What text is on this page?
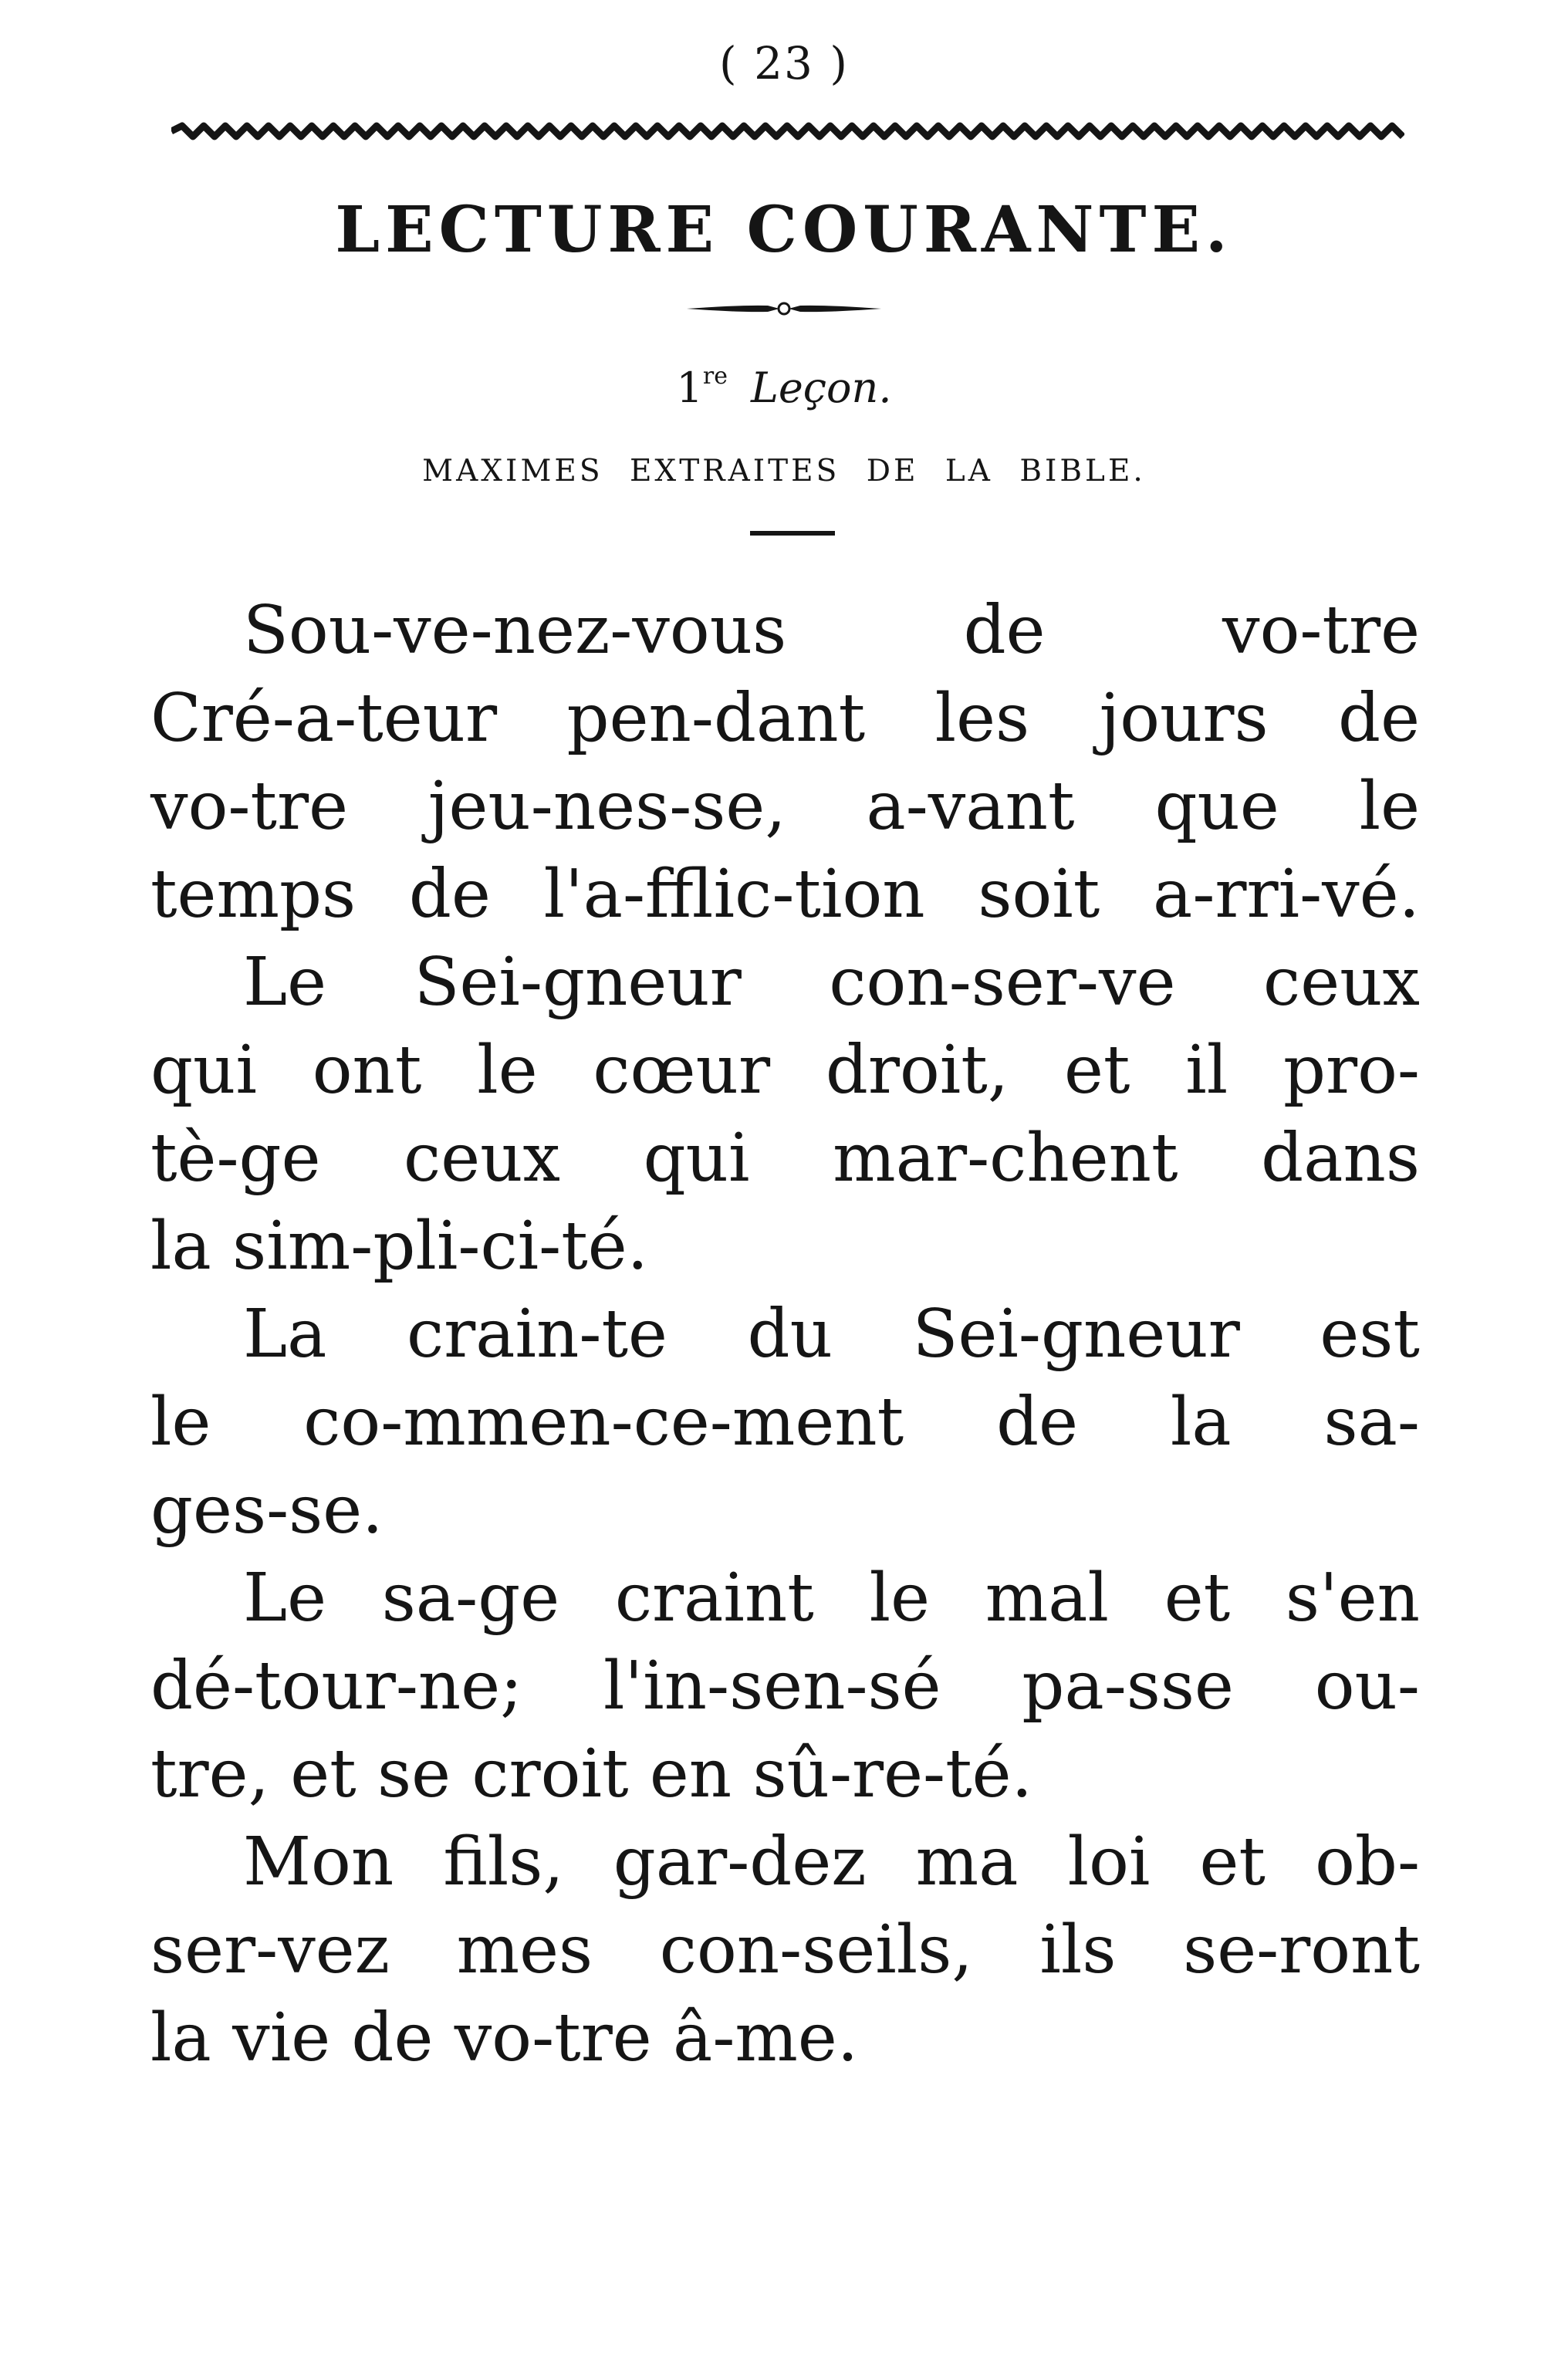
( 23 )
LECTURE COURANTE.
1re Leçon.
MAXIMES EXTRAITES DE LA BIBLE.
Sou-ve-nez-vous de vo-tre
Cré-a-teur pen-dant les jours de
vo-tre jeu-nes-se, a-vant que le
temps de l'a-fflic-tion soit a-rri-vé.
Le Sei-gneur con-ser-ve ceux
qui ont le cœur droit, et il pro-
tè-ge ceux qui mar-chent dans
la sim-pli-ci-té.
La crain-te du Sei-gneur est
le co-mmen-ce-ment de la sa-
ges-se.
Le sa-ge craint le mal et s'en
dé-tour-ne; l'in-sen-sé pa-sse ou-
tre, et se croit en sû-re-té.
Mon fils, gar-dez ma loi et ob-
ser-vez mes con-seils, ils se-ront
la vie de vo-tre â-me.
